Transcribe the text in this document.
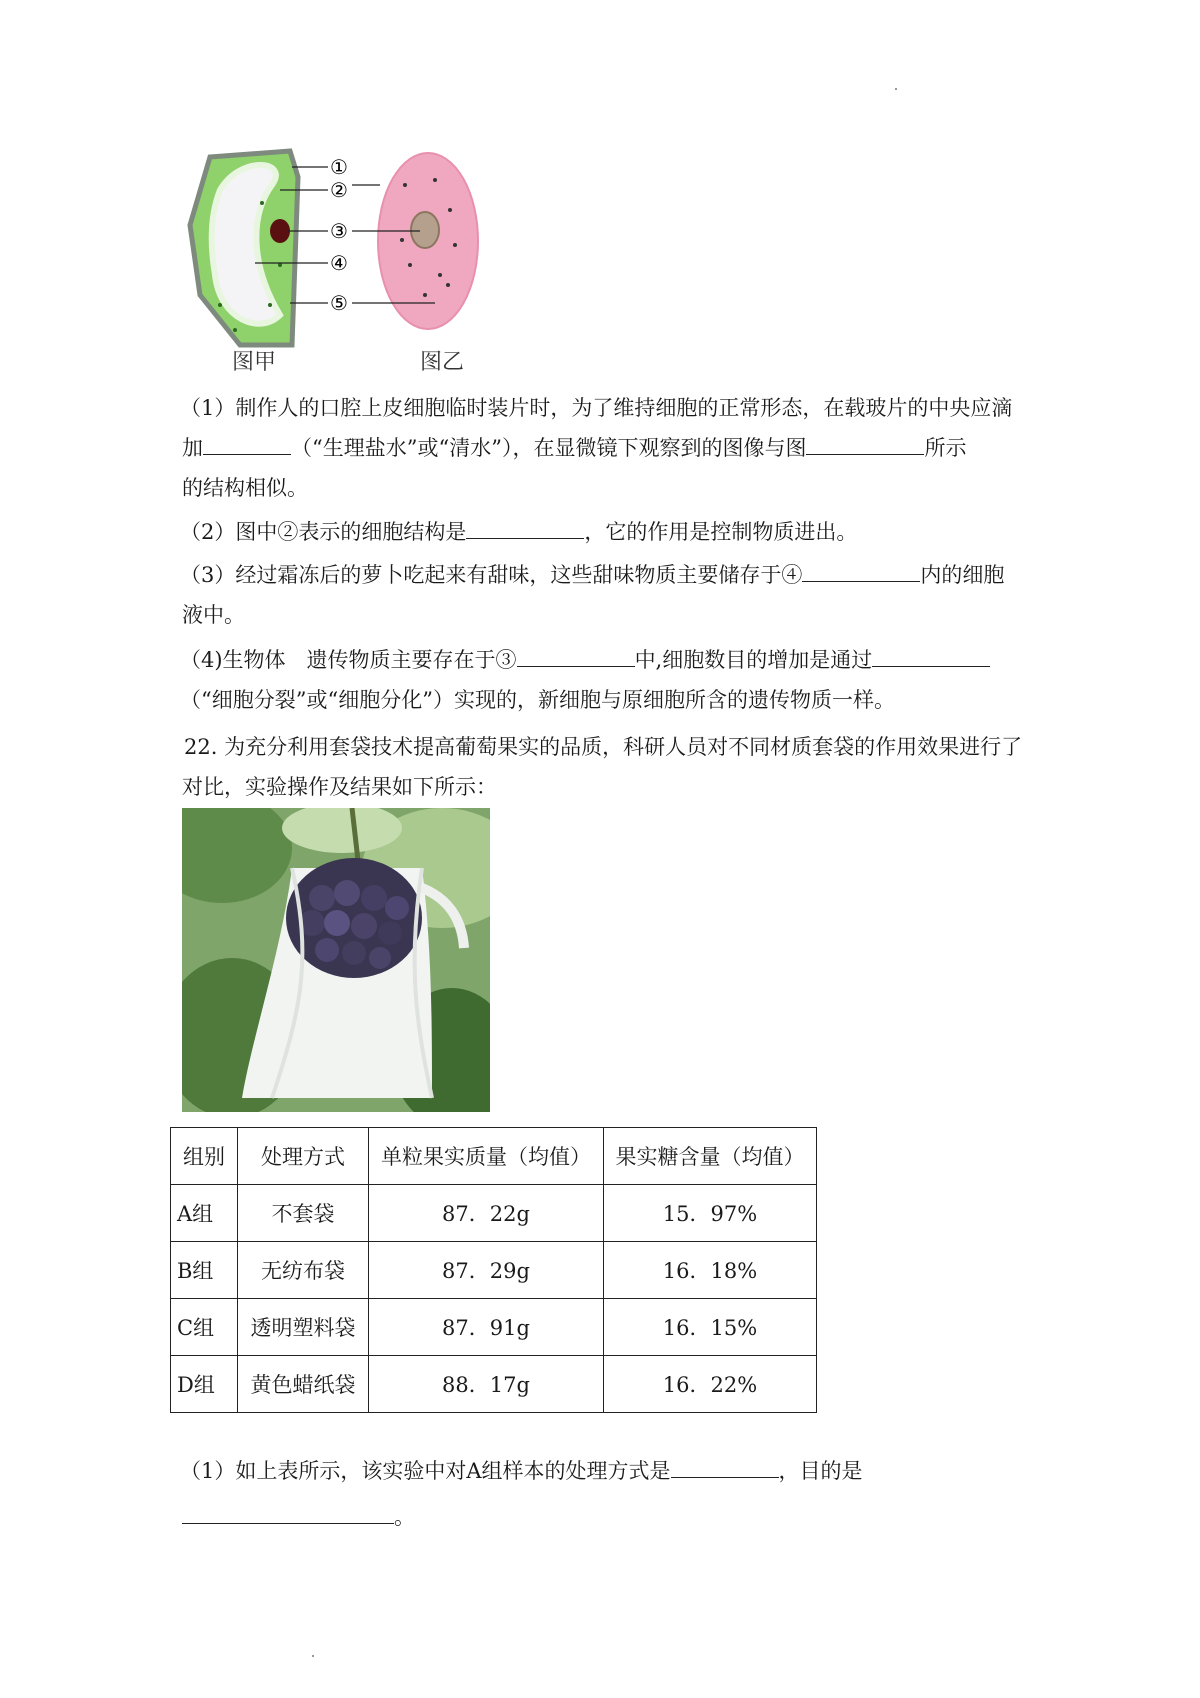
①
②
③
④
⑤
图甲	图乙
（1）制作人的口腔上皮细胞临时装片时，为了维持细胞的正常形态，在载玻片的中央应滴
加	（“生理盐水”或“清水”），在显微镜下观察到的图像与图	所示
的结构相似。
（2）图中②表示的细胞结构是	，它的作用是控制物质进出。
（3）经过霜冻后的萝卜吃起来有甜味，这些甜味物质主要储存于④	内的细胞
液中。
（4)生物体　遗传物质主要存在于③	中,细胞数目的增加是通过
（“细胞分裂”或“细胞分化”）实现的，新细胞与原细胞所含的遗传物质一样。
22. 为充分利用套袋技术提高葡萄果实的品质，科研人员对不同材质套袋的作用效果进行了
对比，实验操作及结果如下所示：
组别	处理方式	单粒果实质量（均值）	果实糖含量（均值）
A组	不套袋	87．22g	15．97%
B组	无纺布袋	87．29g	16．18%
C组	透明塑料袋	87．91g	16．15%
D组	黄色蜡纸袋	88．17g	16．22%
（1）如上表所示，该实验中对A组样本的处理方式是	，目的是
。
